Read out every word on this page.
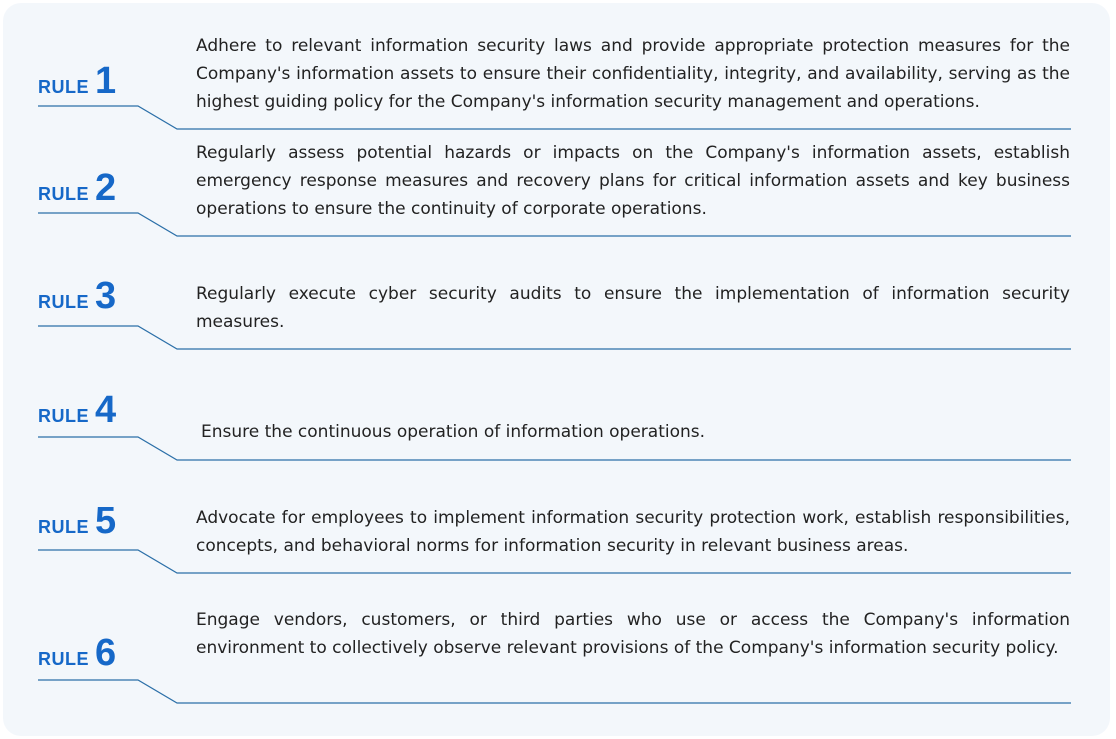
RULE 1

Adhere to relevant information security laws and provide appropriate protection measures for the Company's information assets to ensure their confidentiality, integrity, and availability, serving as the highest guiding policy for the Company's information security management and operations.

RULE 2

Regularly assess potential hazards or impacts on the Company's information assets, establish emergency response measures and recovery plans for critical information assets and key business operations to ensure the continuity of corporate operations.

RULE 3	Regularly execute cyber security audits to ensure the implementation of information security measures.

RULE 4

Ensure the continuous operation of information operations.

RULE 5	Advocate for employees to implement information security protection work, establish responsibilities, concepts, and behavioral norms for information security in relevant business areas.

RULE 6

Engage vendors, customers, or third parties who use or access the Company's information environment to collectively observe relevant provisions of the Company's information security policy.
